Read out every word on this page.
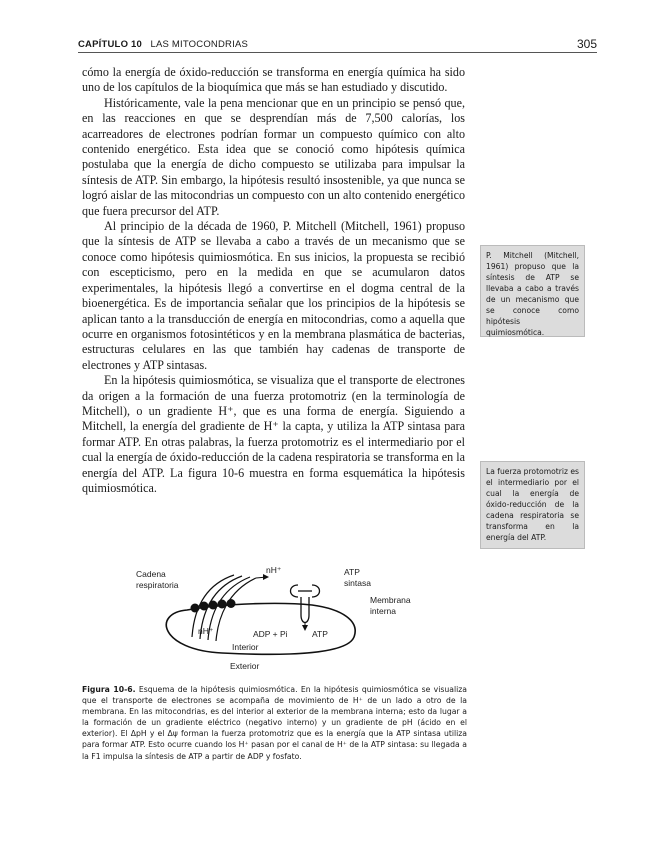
CAPÍTULO 10 LAS MITOCONDRIAS	305

cómo la energía de óxido-reducción se transforma en energía química ha sido uno de los capítulos de la bioquímica que más se han estudiado y discutido.

Históricamente, vale la pena mencionar que en un principio se pensó que, en las reacciones en que se desprendían más de 7,500 calorías, los acarreadores de electrones podrían formar un compuesto químico con alto contenido energético. Esta idea que se conoció como hipótesis química postulaba que la energía de dicho compuesto se utilizaba para impulsar la síntesis de ATP. Sin embargo, la hipótesis resultó insostenible, ya que nunca se logró aislar de las mitocondrias un compuesto con un alto contenido energético que fuera precursor del ATP.

Al principio de la década de 1960, P. Mitchell (Mitchell, 1961) propuso que la síntesis de ATP se llevaba a cabo a través de un mecanismo que se conoce como hipótesis quimiosmótica. En sus inicios, la propuesta se recibió con escepticismo, pero en la medida en que se acumularon datos experimentales, la hipótesis llegó a convertirse en el dogma central de la bioenergética. Es de importancia señalar que los principios de la hipótesis se aplican tanto a la transducción de energía en mitocondrias, como a aquella que ocurre en organismos fotosintéticos y en la membrana plasmática de bacterias, estructuras celulares en las que también hay cadenas de transporte de electrones y ATP sintasas.

En la hipótesis quimiosmótica, se visualiza que el transporte de electrones da origen a la formación de una fuerza protomotriz (en la terminología de Mitchell), o un gradiente H⁺, que es una forma de energía. Siguiendo a Mitchell, la energía del gradiente de H⁺ la capta, y utiliza la ATP sintasa para formar ATP. En otras palabras, la fuerza protomotriz es el intermediario por el cual la energía de óxido-reducción de la cadena respiratoria se transforma en la energía del ATP. La figura 10-6 muestra en forma esquemática la hipótesis quimiosmótica.

P. Mitchell (Mitchell, 1961) propuso que la síntesis de ATP se llevaba a cabo a través de un mecanismo que se conoce como hipótesis quimiosmótica.
La fuerza protomotriz es el intermediario por el cual la energía de óxido-reducción de la cadena respiratoria se transforma en la energía del ATP.
Cadena
respiratoria
nH⁺	ATP
sintasa
Membrana
interna
nH⁺	ADP + Pi	ATP
Interior
Exterior
Figura 10-6. Esquema de la hipótesis quimiosmótica. En la hipótesis quimiosmótica se visualiza que el transporte de electrones se acompaña de movimiento de H⁺ de un lado a otro de la membrana. En las mitocondrias, es del interior al exterior de la membrana interna; esto da lugar a la formación de un gradiente eléctrico (negativo interno) y un gradiente de pH (ácido en el exterior). El ΔpH y el Δψ forman la fuerza protomotriz que es la energía que la ATP sintasa utiliza para formar ATP. Esto ocurre cuando los H⁺ pasan por el canal de H⁺ de la ATP sintasa: su llegada a la F1 impulsa la síntesis de ATP a partir de ADP y fosfato.
